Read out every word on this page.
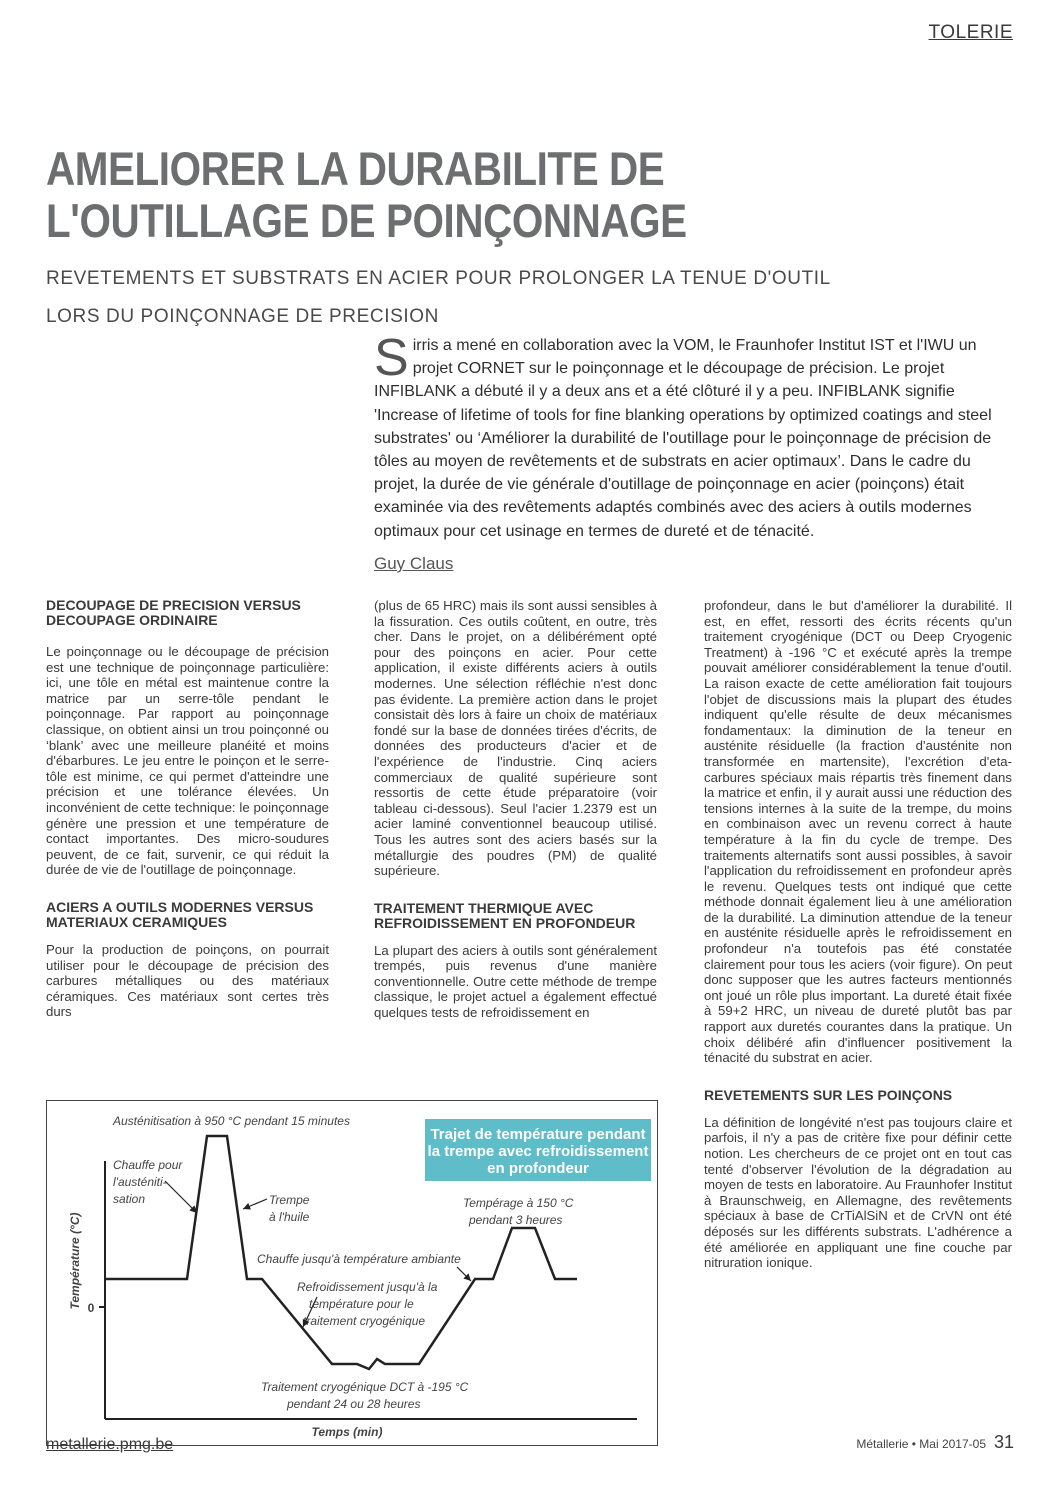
TOLERIE
AMELIORER LA DURABILITE DE
L'OUTILLAGE DE POINÇONNAGE
REVETEMENTS ET SUBSTRATS EN ACIER POUR PROLONGER LA TENUE D'OUTIL
LORS DU POINÇONNAGE DE PRECISION

Sirris a mené en collaboration avec la VOM, le Fraunhofer Institut IST et l'IWU un projet CORNET sur le poinçonnage et le découpage de précision. Le projet INFIBLANK a débuté il y a deux ans et a été clôturé il y a peu. INFIBLANK signifie 'Increase of lifetime of tools for fine blanking operations by optimized coatings and steel substrates' ou ‘Améliorer la durabilité de l'outillage pour le poinçonnage de précision de tôles au moyen de revêtements et de substrats en acier optimaux’. Dans le cadre du projet, la durée de vie générale d'outillage de poinçonnage en acier (poinçons) était examinée via des revêtements adaptés combinés avec des aciers à outils modernes optimaux pour cet usinage en termes de dureté et de ténacité.

Guy Claus
DECOUPAGE DE PRECISION VERSUS DECOUPAGE ORDINAIRE

Le poinçonnage ou le découpage de précision est une technique de poinçonnage particulière: ici, une tôle en métal est maintenue contre la matrice par un serre-tôle pendant le poinçonnage. Par rapport au poinçonnage classique, on obtient ainsi un trou poinçonné ou ‘blank’ avec une meilleure planéité et moins d'ébarbures. Le jeu entre le poinçon et le serre-tôle est minime, ce qui permet d'atteindre une précision et une tolérance élevées. Un inconvénient de cette technique: le poinçonnage génère une pression et une température de contact importantes. Des micro-soudures peuvent, de ce fait, survenir, ce qui réduit la durée de vie de l'outillage de poinçonnage.

ACIERS A OUTILS MODERNES VERSUS MATERIAUX CERAMIQUES

Pour la production de poinçons, on pourrait utiliser pour le découpage de précision des carbures métalliques ou des matériaux céramiques. Ces matériaux sont certes très durs

(plus de 65 HRC) mais ils sont aussi sensibles à la fissuration. Ces outils coûtent, en outre, très cher. Dans le projet, on a délibérément opté pour des poinçons en acier. Pour cette application, il existe différents aciers à outils modernes. Une sélection réfléchie n'est donc pas évidente. La première action dans le projet consistait dès lors à faire un choix de matériaux fondé sur la base de données tirées d'écrits, de données des producteurs d'acier et de l'expérience de l'industrie. Cinq aciers commerciaux de qualité supérieure sont ressortis de cette étude préparatoire (voir tableau ci-dessous). Seul l'acier 1.2379 est un acier laminé conventionnel beaucoup utilisé. Tous les autres sont des aciers basés sur la métallurgie des poudres (PM) de qualité supérieure.

TRAITEMENT THERMIQUE AVEC REFROIDISSEMENT EN PROFONDEUR

La plupart des aciers à outils sont généralement trempés, puis revenus d'une manière conventionnelle. Outre cette méthode de trempe classique, le projet actuel a également effectué quelques tests de refroidissement en

profondeur, dans le but d'améliorer la durabilité. Il est, en effet, ressorti des écrits récents qu'un traitement cryogénique (DCT ou Deep Cryogenic Treatment) à -196 °C et exécuté après la trempe pouvait améliorer considérablement la tenue d'outil. La raison exacte de cette amélioration fait toujours l'objet de discussions mais la plupart des études indiquent qu'elle résulte de deux mécanismes fondamentaux: la diminution de la teneur en austénite résiduelle (la fraction d'austénite non transformée en martensite), l'excrétion d'eta-carbures spéciaux mais répartis très finement dans la matrice et enfin, il y aurait aussi une réduction des tensions internes à la suite de la trempe, du moins en combinaison avec un revenu correct à haute température à la fin du cycle de trempe. Des traitements alternatifs sont aussi possibles, à savoir l'application du refroidissement en profondeur après le revenu. Quelques tests ont indiqué que cette méthode donnait également lieu à une amélioration de la durabilité. La diminution attendue de la teneur en austénite résiduelle après le refroidissement en profondeur n'a toutefois pas été constatée clairement pour tous les aciers (voir figure). On peut donc supposer que les autres facteurs mentionnés ont joué un rôle plus important. La dureté était fixée à 59+2 HRC, un niveau de dureté plutôt bas par rapport aux duretés courantes dans la pratique. Un choix délibéré afin d'influencer positivement la ténacité du substrat en acier.

REVETEMENTS SUR LES POINÇONS

La définition de longévité n'est pas toujours claire et parfois, il n'y a pas de critère fixe pour définir cette notion. Les chercheurs de ce projet ont en tout cas tenté d'observer l'évolution de la dégradation au moyen de tests en laboratoire. Au Fraunhofer Institut à Braunschweig, en Allemagne, des revêtements spéciaux à base de CrTiAlSiN et de CrVN ont été déposés sur les différents substrats. L'adhérence a été améliorée en appliquant une fine couche par nitruration ionique.

Trajet de température pendant
la trempe avec refroidissement
en profondeur
0
Température (°C)
Temps (min)
Austénitisation à 950 °C pendant 15 minutes
Chauffe pour
l'austéniti-
sation	Trempe
à l'huile
Tempérage à 150 °C
pendant 3 heures
Chauffe jusqu'à température ambiante
Refroidissement jusqu'à la
température pour le
traitement cryogénique
Traitement cryogénique DCT à -195 °C
pendant 24 ou 28 heures
metallerie.pmg.be	Métallerie • Mai 2017-05 31
